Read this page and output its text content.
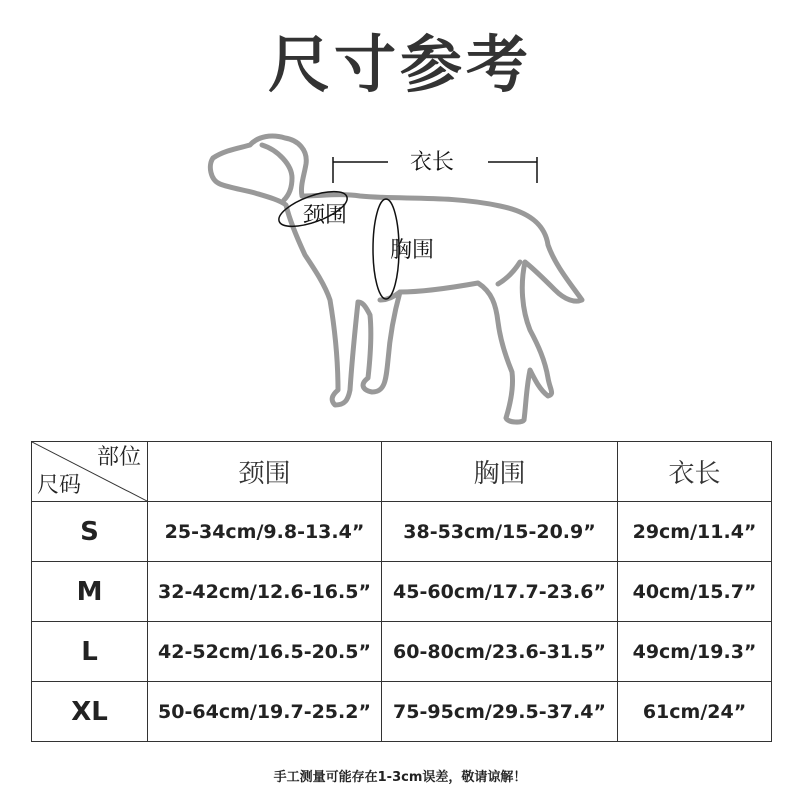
尺寸参考
衣长
颈围
胸围
部位
尺码	颈围	胸围	衣长
S	25-34cm/9.8-13.4”	38-53cm/15-20.9”	29cm/11.4”
M	32-42cm/12.6-16.5”	45-60cm/17.7-23.6”	40cm/15.7”
L	42-52cm/16.5-20.5”	60-80cm/23.6-31.5”	49cm/19.3”
XL	50-64cm/19.7-25.2”	75-95cm/29.5-37.4”	61cm/24”
手工测量可能存在1-3cm误差，敬请谅解！
